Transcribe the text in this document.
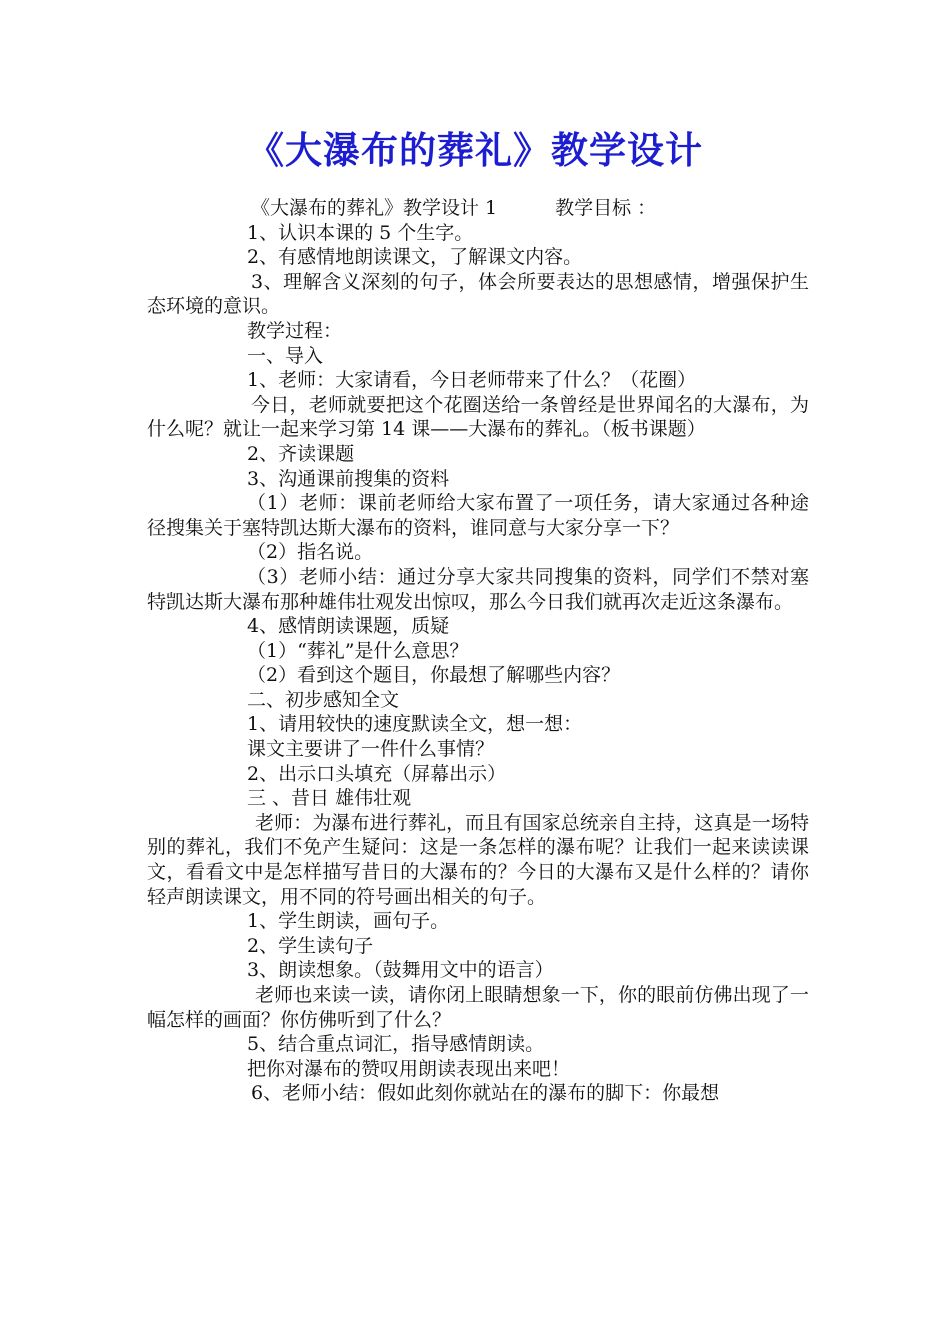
《大瀑布的葬礼》教学设计

《大瀑布的葬礼》教学设计 1	教学目标 ：

1、认识本课的 5 个生字。

2、有感情地朗读课文，了解课文内容。

3、理解含义深刻的句子，体会所要表达的思想感情，增强保护生态环境的意识。

教学过程：

一、导入

1、老师：大家请看，今日老师带来了什么？（花圈）

今日，老师就要把这个花圈送给一条曾经是世界闻名的大瀑布，为什么呢？就让一起来学习第 14 课——大瀑布的葬礼。（板书课题）

2、齐读课题

3、沟通课前搜集的资料

（1）老师：课前老师给大家布置了一项任务，请大家通过各种途径搜集关于塞特凯达斯大瀑布的资料，谁同意与大家分享一下？

（2）指名说。

（3）老师小结：通过分享大家共同搜集的资料，同学们不禁对塞特凯达斯大瀑布那种雄伟壮观发出惊叹，那么今日我们就再次走近这条瀑布。

4、感情朗读课题，质疑

（1）“葬礼”是什么意思？

（2）看到这个题目，你最想了解哪些内容？

二、初步感知全文

1、请用较快的速度默读全文，想一想：

课文主要讲了一件什么事情？

2、出示口头填充（屏幕出示）

三 、昔日 雄伟壮观

老师：为瀑布进行葬礼，而且有国家总统亲自主持，这真是一场特别的葬礼，我们不免产生疑问：这是一条怎样的瀑布呢？让我们一起来读读课文，看看文中是怎样描写昔日的大瀑布的？今日的大瀑布又是什么样的？请你轻声朗读课文，用不同的符号画出相关的句子。

1、学生朗读，画句子。

2、学生读句子

3、朗读想象。（鼓舞用文中的语言）

老师也来读一读，请你闭上眼睛想象一下，你的眼前仿佛出现了一幅怎样的画面？你仿佛听到了什么？

5、结合重点词汇，指导感情朗读。

把你对瀑布的赞叹用朗读表现出来吧！

6、老师小结：假如此刻你就站在的瀑布的脚下：你最想
